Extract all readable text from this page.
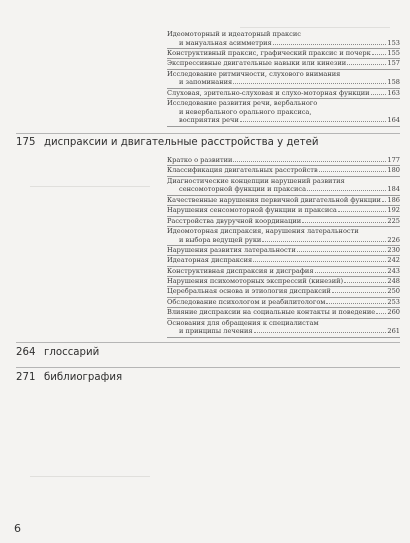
Идеомоторный и идеаторный праксис
и мануальная асимметрия	153
Конструктивный праксис, графический праксис и почерк	155
Экспрессивные двигательные навыки или кинезии	157
Исследование ритмичности, слухового внимания
и запоминания	158
Слуховая, зрительно-слуховая и слухо-моторная функции	163
Исследование развития речи, вербального
и невербального орального праксиса,
восприятия речи	164
175 диспраксии и двигательные расстройства у детей
Кратко о развитии	177
Классификация двигательных расстройств	180
Диагностические концепции нарушений развития
сенсомоторной функции и праксиса	184
Качественные нарушения первичной двигательной функции 186
Нарушения сенсомоторной функции и праксиса	192
Расстройства двуручной координации	225
Идеомоторная диспраксия, нарушения латеральности
и выбора ведущей руки	226
Нарушения развития латеральности	230
Идеаторная диспраксия	242
Конструктивная диспраксия и дисграфия	243
Нарушения психомоторных экспрессий (кинезий)	248
Церебральная основа и этиология диспраксий	250
Обследование психологом и реабилитологом	253
Влияние диспраксии на социальные контакты и поведение 260
Основания для обращения к специалистам
и принципы лечения	261
264 глоссарий
271 библиография
6
